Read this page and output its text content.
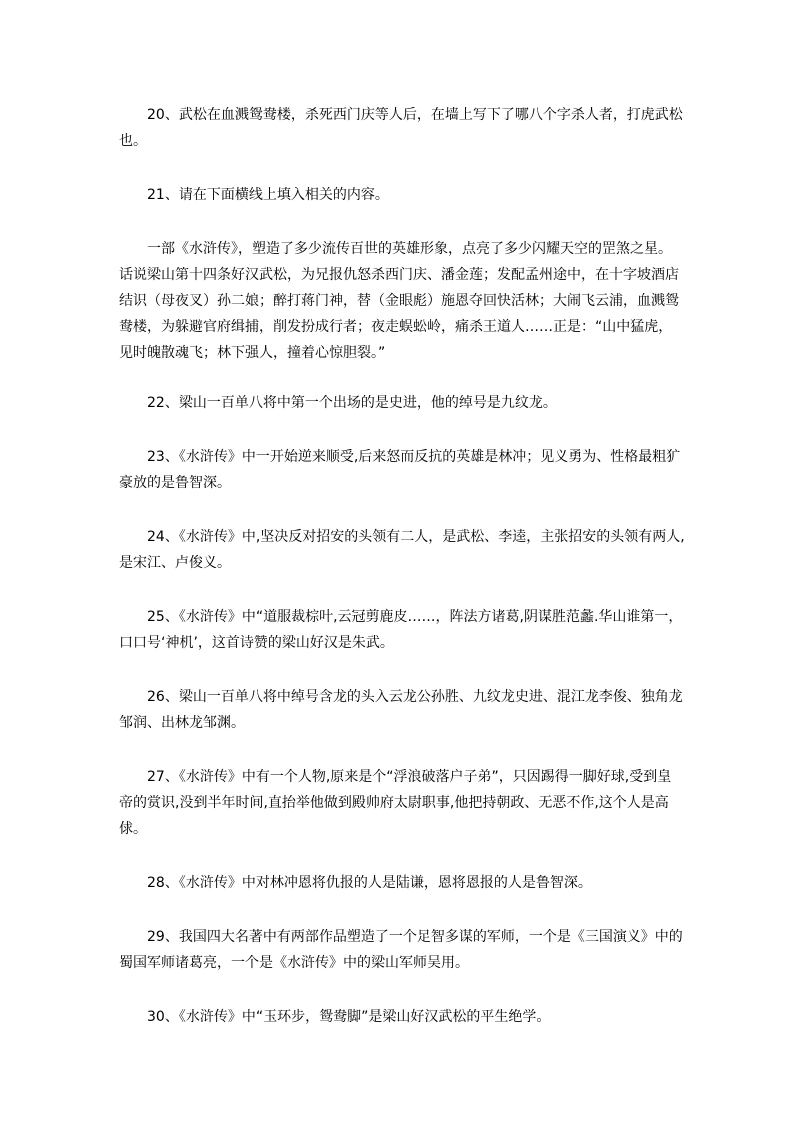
20、武松在血溅鸳鸯楼，杀死西门庆等人后，在墙上写下了哪八个字杀人者，打虎武松也。

21、请在下面横线上填入相关的内容。

一部《水浒传》，塑造了多少流传百世的英雄形象，点亮了多少闪耀天空的罡煞之星。话说梁山第十四条好汉武松，为兄报仇怒杀西门庆、潘金莲；发配孟州途中，在十字坡酒店结识（母夜叉）孙二娘；醉打蒋门神，替（金眼彪）施恩夺回快活林；大闹飞云浦，血溅鸳鸯楼，为躲避官府缉捕，削发扮成行者；夜走蜈蚣岭，痛杀王道人……正是：“山中猛虎，见时魄散魂飞；林下强人，撞着心惊胆裂。”

22、梁山一百单八将中第一个出场的是史进，他的绰号是九纹龙。

23、《水浒传》中一开始逆来顺受,后来怒而反抗的英雄是林冲；见义勇为、性格最粗犷豪放的是鲁智深。

24、《水浒传》中,坚决反对招安的头领有二人，是武松、李逵，主张招安的头领有两人,是宋江、卢俊义。

25、《水浒传》中“道服裁棕叶,云冠剪鹿皮……，阵法方诸葛,阴谋胜范蠡.华山谁第一，口口号‘神机’，这首诗赞的梁山好汉是朱武。

26、梁山一百单八将中绰号含龙的头入云龙公孙胜、九纹龙史进、混江龙李俊、独角龙邹润、出林龙邹渊。

27、《水浒传》中有一个人物,原来是个“浮浪破落户子弟”，只因踢得一脚好球,受到皇帝的赏识,没到半年时间,直抬举他做到殿帅府太尉职事,他把持朝政、无恶不作,这个人是高俅。

28、《水浒传》中对林冲恩将仇报的人是陆谦，恩将恩报的人是鲁智深。

29、我国四大名著中有两部作品塑造了一个足智多谋的军师，一个是《三国演义》中的蜀国军师诸葛亮，一个是《水浒传》中的梁山军师吴用。

30、《水浒传》中“玉环步，鸳鸯脚”是梁山好汉武松的平生绝学。
